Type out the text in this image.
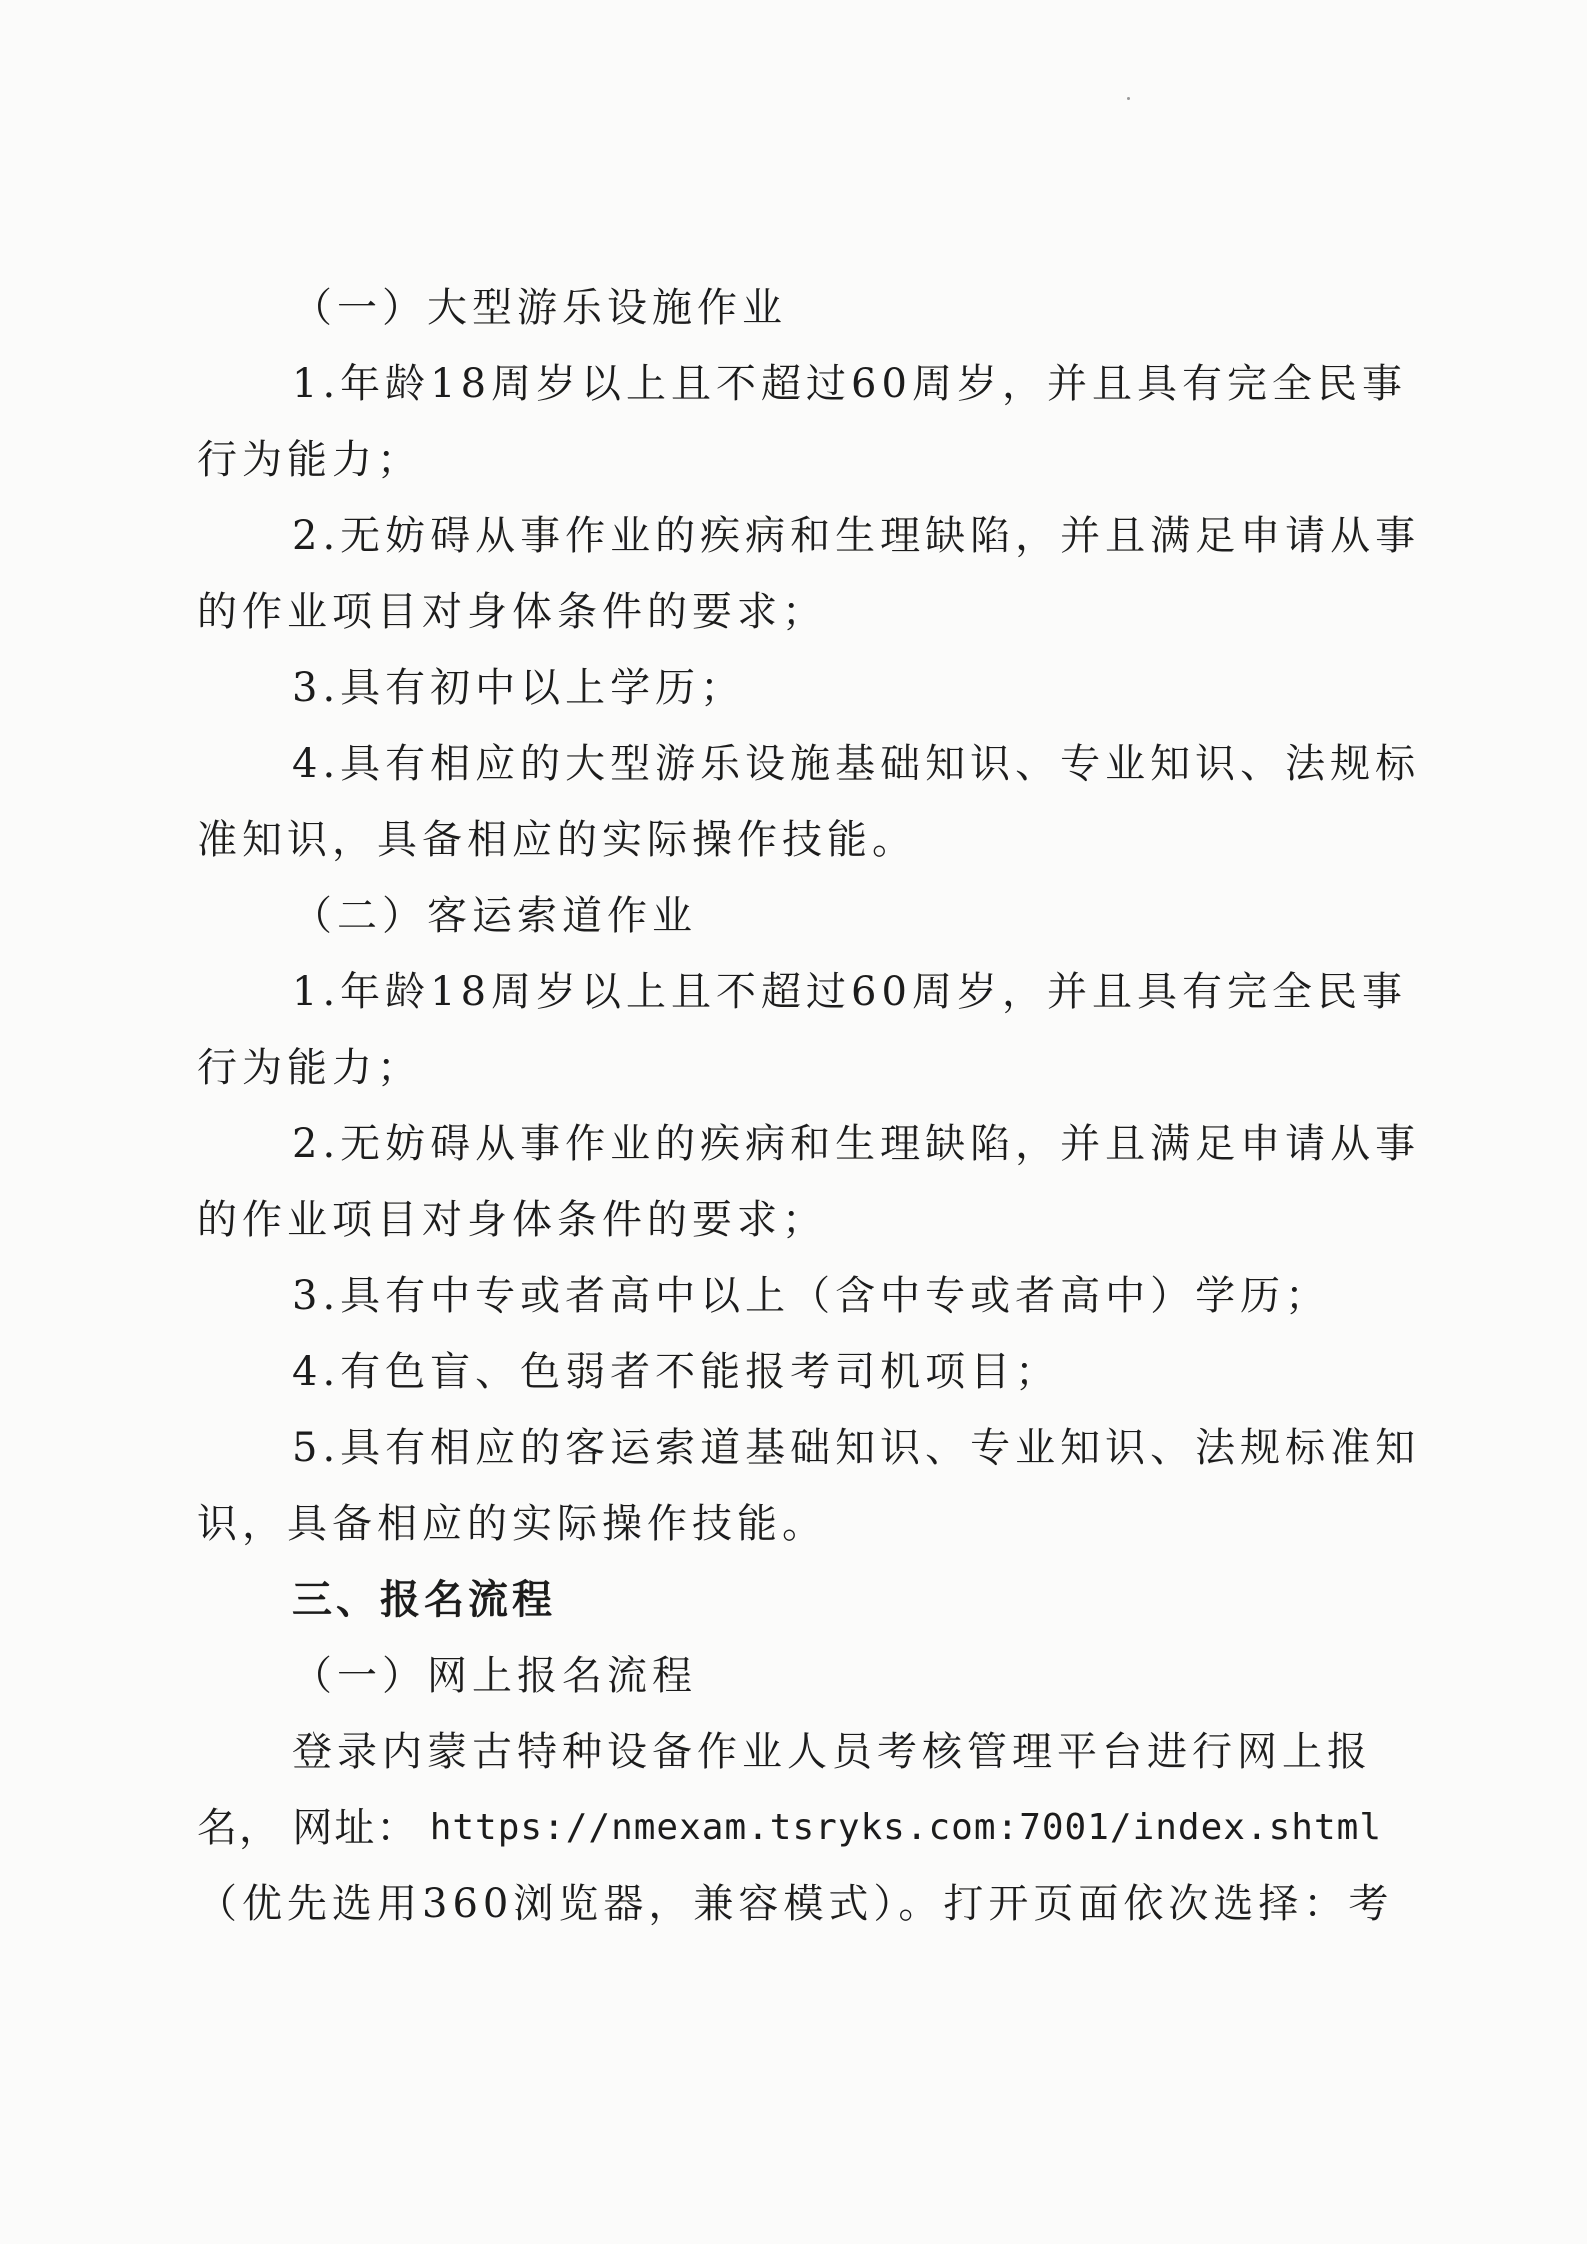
（一）大型游乐设施作业
1.年龄18周岁以上且不超过60周岁，并且具有完全民事
行为能力；
2.无妨碍从事作业的疾病和生理缺陷，并且满足申请从事
的作业项目对身体条件的要求；
3.具有初中以上学历；
4.具有相应的大型游乐设施基础知识、专业知识、法规标
准知识，具备相应的实际操作技能。
（二）客运索道作业
1.年龄18周岁以上且不超过60周岁，并且具有完全民事
行为能力；
2.无妨碍从事作业的疾病和生理缺陷，并且满足申请从事
的作业项目对身体条件的要求；
3.具有中专或者高中以上（含中专或者高中）学历；
4.有色盲、色弱者不能报考司机项目；
5.具有相应的客运索道基础知识、专业知识、法规标准知
识，具备相应的实际操作技能。
三、报名流程
（一）网上报名流程
登录内蒙古特种设备作业人员考核管理平台进行网上报
名， 网址： https://nmexam.tsryks.com:7001/index.shtml
（优先选用360浏览器，兼容模式）。打开页面依次选择：考
